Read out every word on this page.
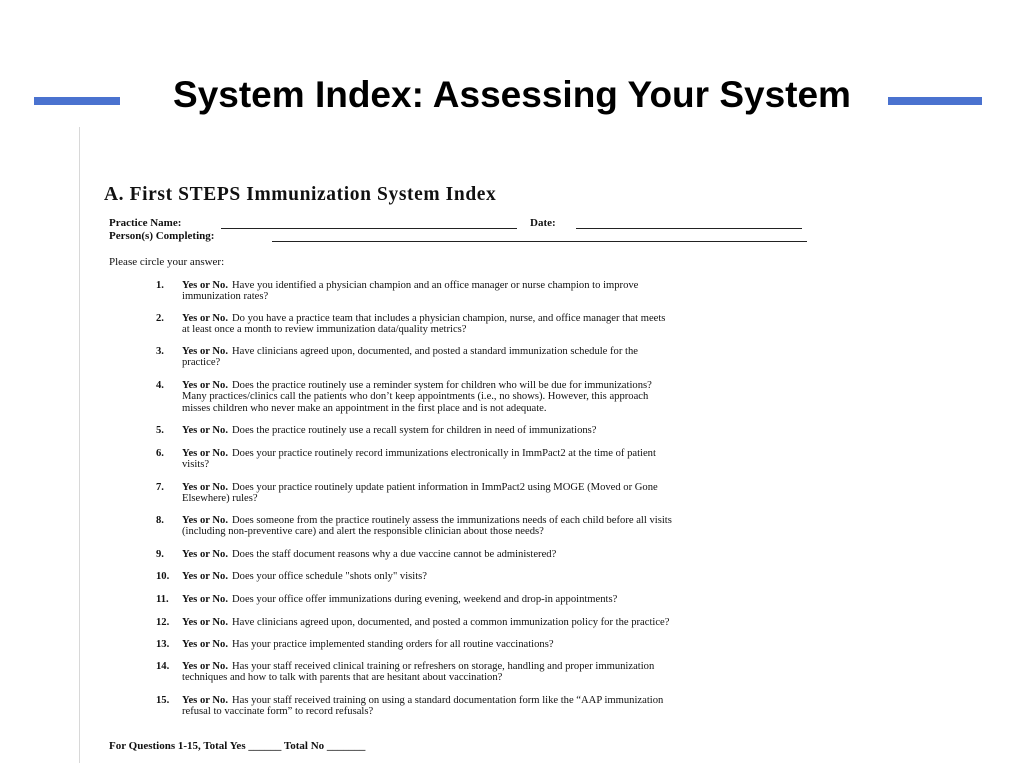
System Index: Assessing Your System
A. First STEPS Immunization System Index
Practice Name:	Date:
Person(s) Completing:
Please circle your answer:
1. Yes or No. Have you identified a physician champion and an office manager or nurse champion to improve
immunization rates?
2. Yes or No. Do you have a practice team that includes a physician champion, nurse, and office manager that meets
at least once a month to review immunization data/quality metrics?
3. Yes or No. Have clinicians agreed upon, documented, and posted a standard immunization schedule for the
practice?
4. Yes or No. Does the practice routinely use a reminder system for children who will be due for immunizations?
Many practices/clinics call the patients who don’t keep appointments (i.e., no shows). However, this approach
misses children who never make an appointment in the first place and is not adequate.
5. Yes or No. Does the practice routinely use a recall system for children in need of immunizations?
6. Yes or No. Does your practice routinely record immunizations electronically in ImmPact2 at the time of patient
visits?
7. Yes or No. Does your practice routinely update patient information in ImmPact2 using MOGE (Moved or Gone
Elsewhere) rules?
8. Yes or No. Does someone from the practice routinely assess the immunizations needs of each child before all visits
(including non-preventive care) and alert the responsible clinician about those needs?
9. Yes or No. Does the staff document reasons why a due vaccine cannot be administered?
10. Yes or No. Does your office schedule "shots only" visits?
11. Yes or No. Does your office offer immunizations during evening, weekend and drop-in appointments?
12. Yes or No. Have clinicians agreed upon, documented, and posted a common immunization policy for the practice?
13. Yes or No. Has your practice implemented standing orders for all routine vaccinations?
14. Yes or No. Has your staff received clinical training or refreshers on storage, handling and proper immunization
techniques and how to talk with parents that are hesitant about vaccination?
15. Yes or No. Has your staff received training on using a standard documentation form like the “AAP immunization
refusal to vaccinate form” to record refusals?
For Questions 1-15, Total Yes ______ Total No _______
